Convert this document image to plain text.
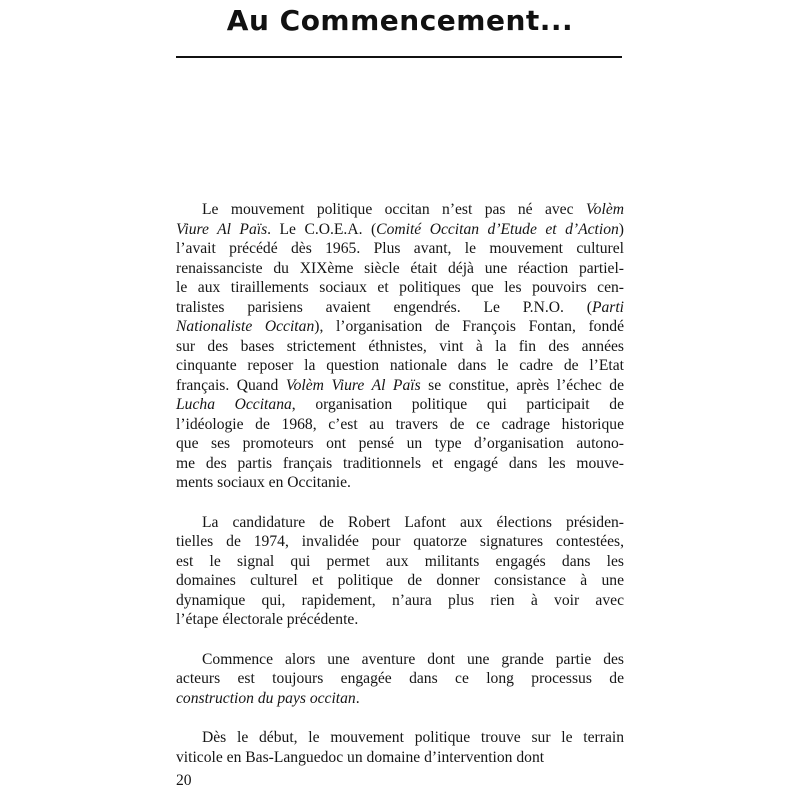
Au Commencement...
Le mouvement politique occitan n’est pas né avec Volèm
Viure Al Païs. Le C.O.E.A. (Comité Occitan d’Etude et d’Action)
l’avait précédé dès 1965. Plus avant, le mouvement culturel
renaissanciste du XIXème siècle était déjà une réaction partiel-
le aux tiraillements sociaux et politiques que les pouvoirs cen-
tralistes parisiens avaient engendrés. Le P.N.O. (Parti
Nationaliste Occitan), l’organisation de François Fontan, fondé
sur des bases strictement éthnistes, vint à la fin des années
cinquante reposer la question nationale dans le cadre de l’Etat
français. Quand Volèm Viure Al Païs se constitue, après l’échec de
Lucha Occitana, organisation politique qui participait de
l’idéologie de 1968, c’est au travers de ce cadrage historique
que ses promoteurs ont pensé un type d’organisation autono-
me des partis français traditionnels et engagé dans les mouve-
ments sociaux en Occitanie.
La candidature de Robert Lafont aux élections présiden-
tielles de 1974, invalidée pour quatorze signatures contestées,
est le signal qui permet aux militants engagés dans les
domaines culturel et politique de donner consistance à une
dynamique qui, rapidement, n’aura plus rien à voir avec
l’étape électorale précédente.
Commence alors une aventure dont une grande partie des
acteurs est toujours engagée dans ce long processus de
construction du pays occitan.
Dès le début, le mouvement politique trouve sur le terrain
viticole en Bas-Languedoc un domaine d’intervention dont
20
